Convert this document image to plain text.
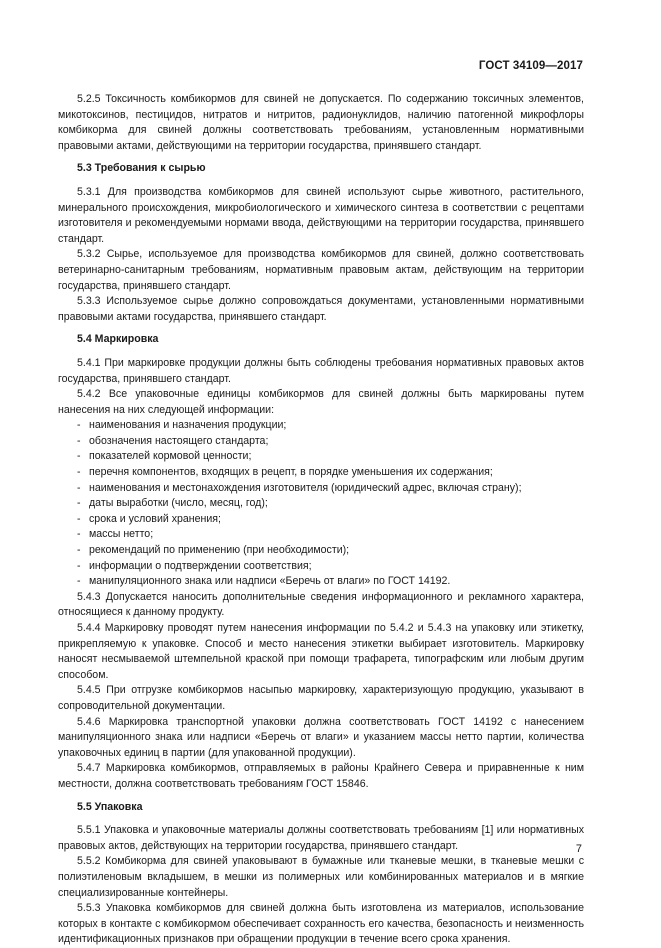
ГОСТ 34109—2017

5.2.5 Токсичность комбикормов для свиней не допускается. По содержанию токсичных элементов, микотоксинов, пестицидов, нитратов и нитритов, радионуклидов, наличию патогенной микрофлоры комбикорма для свиней должны соответствовать требованиям, установленным нормативными правовыми актами, действующими на территории государства, принявшего стандарт.

5.3 Требования к сырью

5.3.1 Для производства комбикормов для свиней используют сырье животного, растительного, минерального происхождения, микробиологического и химического синтеза в соответствии с рецептами изготовителя и рекомендуемыми нормами ввода, действующими на территории государства, принявшего стандарт.

5.3.2 Сырье, используемое для производства комбикормов для свиней, должно соответствовать ветеринарно-санитарным требованиям, нормативным правовым актам, действующим на территории государства, принявшего стандарт.

5.3.3 Используемое сырье должно сопровождаться документами, установленными нормативными правовыми актами государства, принявшего стандарт.

5.4 Маркировка

5.4.1 При маркировке продукции должны быть соблюдены требования нормативных правовых актов государства, принявшего стандарт.

5.4.2 Все упаковочные единицы комбикормов для свиней должны быть маркированы путем нанесения на них следующей информации:

- наименования и назначения продукции;
- обозначения настоящего стандарта;
- показателей кормовой ценности;
- перечня компонентов, входящих в рецепт, в порядке уменьшения их содержания;
- наименования и местонахождения изготовителя (юридический адрес, включая страну);
- даты выработки (число, месяц, год);
- срока и условий хранения;
- массы нетто;
- рекомендаций по применению (при необходимости);
- информации о подтверждении соответствия;
- манипуляционного знака или надписи «Беречь от влаги» по ГОСТ 14192.

5.4.3 Допускается наносить дополнительные сведения информационного и рекламного характера, относящиеся к данному продукту.

5.4.4 Маркировку проводят путем нанесения информации по 5.4.2 и 5.4.3 на упаковку или этикетку, прикрепляемую к упаковке. Способ и место нанесения этикетки выбирает изготовитель. Маркировку наносят несмываемой штемпельной краской при помощи трафарета, типографским или любым другим способом.

5.4.5 При отгрузке комбикормов насыпью маркировку, характеризующую продукцию, указывают в сопроводительной документации.

5.4.6 Маркировка транспортной упаковки должна соответствовать ГОСТ 14192 с нанесением манипуляционного знака или надписи «Беречь от влаги» и указанием массы нетто партии, количества упаковочных единиц в партии (для упакованной продукции).

5.4.7 Маркировка комбикормов, отправляемых в районы Крайнего Севера и приравненные к ним местности, должна соответствовать требованиям ГОСТ 15846.

5.5 Упаковка

5.5.1 Упаковка и упаковочные материалы должны соответствовать требованиям [1] или нормативных правовых актов, действующих на территории государства, принявшего стандарт.

5.5.2 Комбикорма для свиней упаковывают в бумажные или тканевые мешки, в тканевые мешки с полиэтиленовым вкладышем, в мешки из полимерных или комбинированных материалов и в мягкие специализированные контейнеры.

5.5.3 Упаковка комбикормов для свиней должна быть изготовлена из материалов, использование которых в контакте с комбикормом обеспечивает сохранность его качества, безопасность и неизменность идентификационных признаков при обращении продукции в течение всего срока хранения.

7
